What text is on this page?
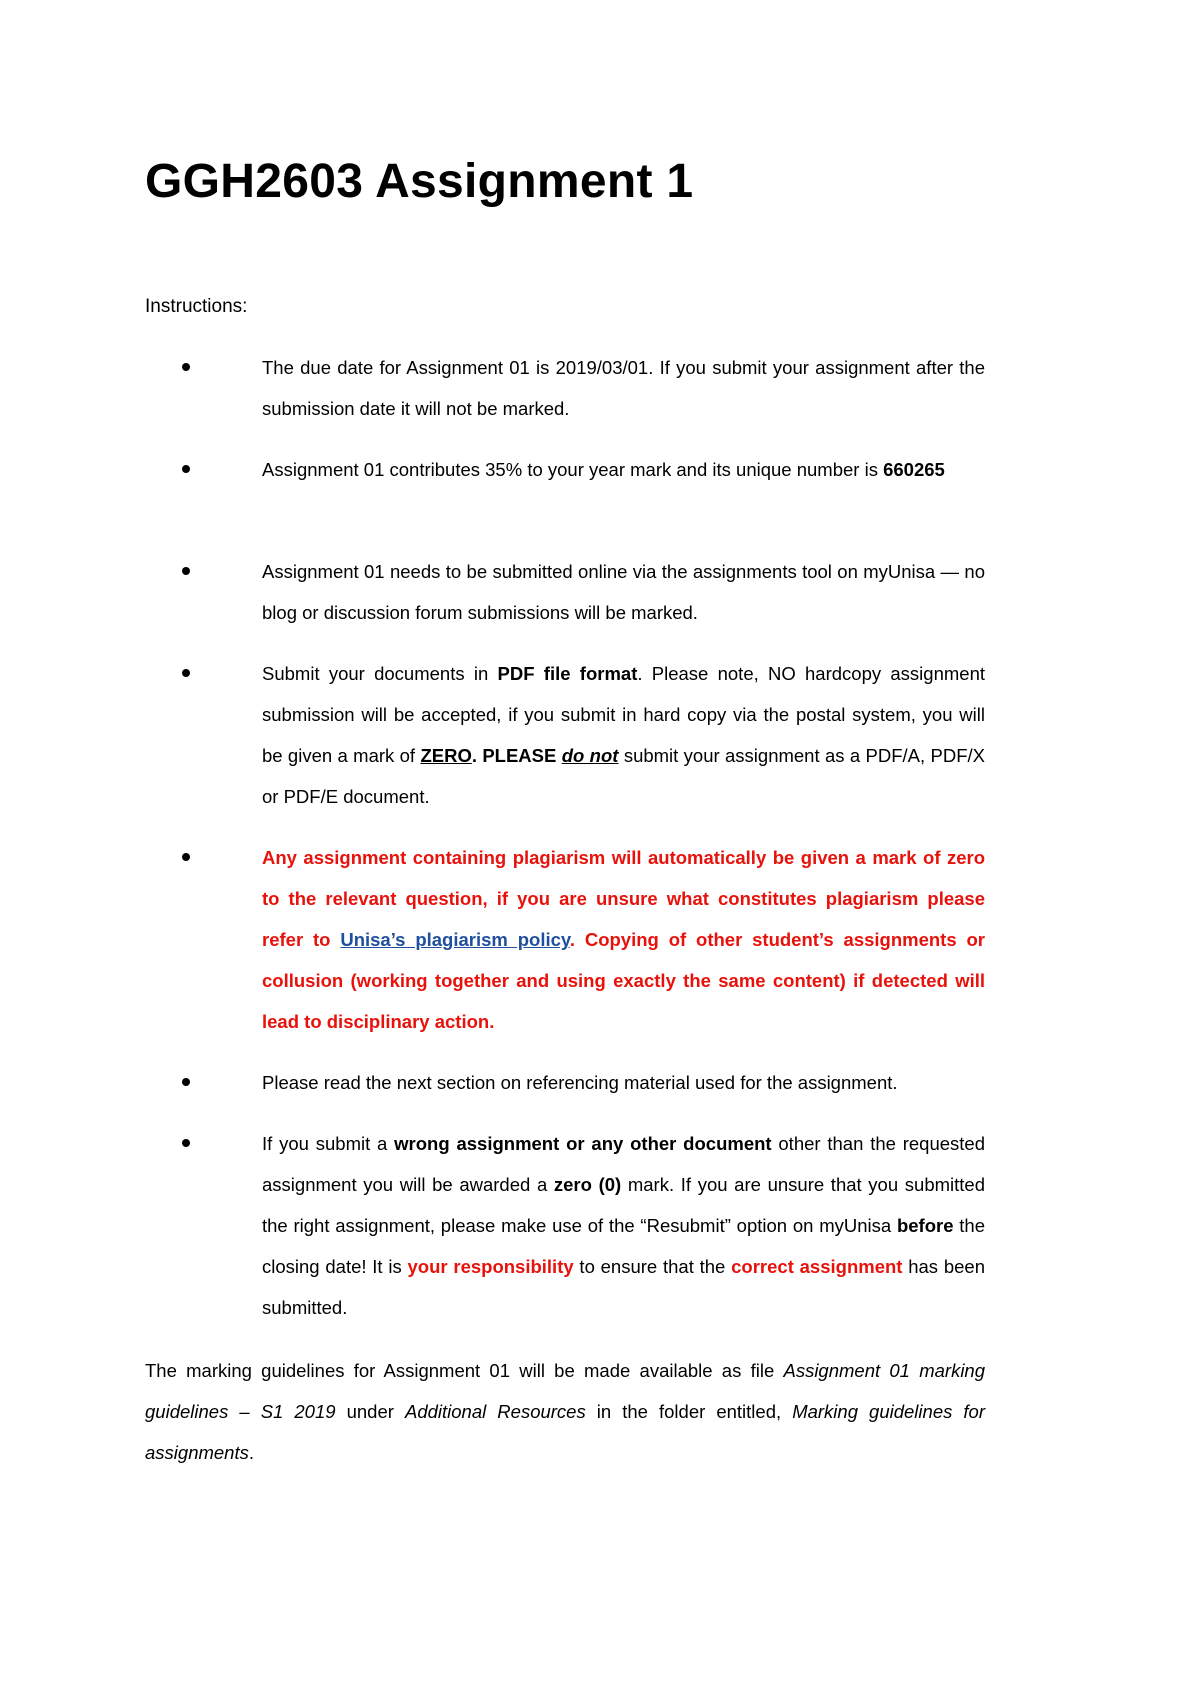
GGH2603 Assignment 1

Instructions:

The due date for Assignment 01 is 2019/03/01. If you submit your assignment after the submission date it will not be marked.

Assignment 01 contributes 35% to your year mark and its unique number is 660265

Assignment 01 needs to be submitted online via the assignments tool on myUnisa — no blog or discussion forum submissions will be marked.

Submit your documents in PDF file format. Please note, NO hardcopy assignment submission will be accepted, if you submit in hard copy via the postal system, you will be given a mark of ZERO. PLEASE do not submit your assignment as a PDF/A, PDF/X or PDF/E document.

Any assignment containing plagiarism will automatically be given a mark of zero to the relevant question, if you are unsure what constitutes plagiarism please refer to Unisa’s plagiarism policy. Copying of other student’s assignments or collusion (working together and using exactly the same content) if detected will lead to disciplinary action.

Please read the next section on referencing material used for the assignment.

If you submit a wrong assignment or any other document other than the requested assignment you will be awarded a zero (0) mark. If you are unsure that you submitted the right assignment, please make use of the “Resubmit” option on myUnisa before the closing date! It is your responsibility to ensure that the correct assignment has been submitted.

The marking guidelines for Assignment 01 will be made available as file Assignment 01 marking guidelines – S1 2019 under Additional Resources in the folder entitled, Marking guidelines for assignments.
